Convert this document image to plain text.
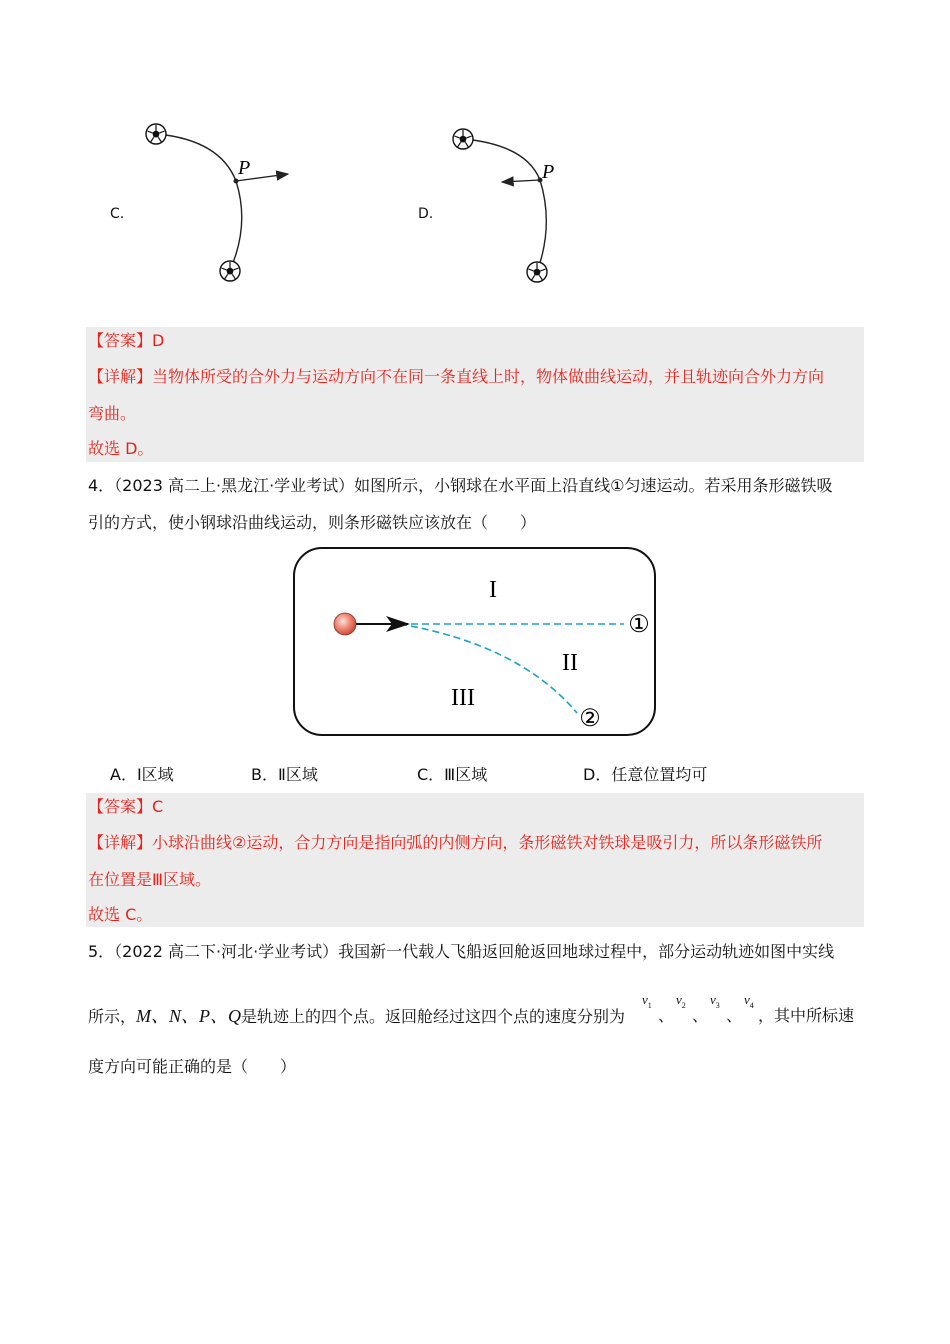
C.	D.
P	P
【答案】D
【详解】当物体所受的合外力与运动方向不在同一条直线上时，物体做曲线运动，并且轨迹向合外力方向
弯曲。
故选 D。
4．（2023 高二上·黑龙江·学业考试）如图所示，小钢球在水平面上沿直线①匀速运动。若采用条形磁铁吸
引的方式，使小钢球沿曲线运动，则条形磁铁应该放在（　　）
I
II
III
①
②
A．Ⅰ区域	B．Ⅱ区域	C．Ⅲ区域	D．任意位置均可
【答案】C
【详解】小球沿曲线②运动，合力方向是指向弧的内侧方向，条形磁铁对铁球是吸引力，所以条形磁铁所
在位置是Ⅲ区域。
故选 C。
5．（2022 高二下·河北·学业考试）我国新一代载人飞船返回舱返回地球过程中，部分运动轨迹如图中实线
所示，M、N、P、Q是轨迹上的四个点。返回舱经过这四个点的速度分别为
$v_1$
、
$v_2$
、
$v_3$
、
$v_4$
，其中所标速
度方向可能正确的是（　　）
